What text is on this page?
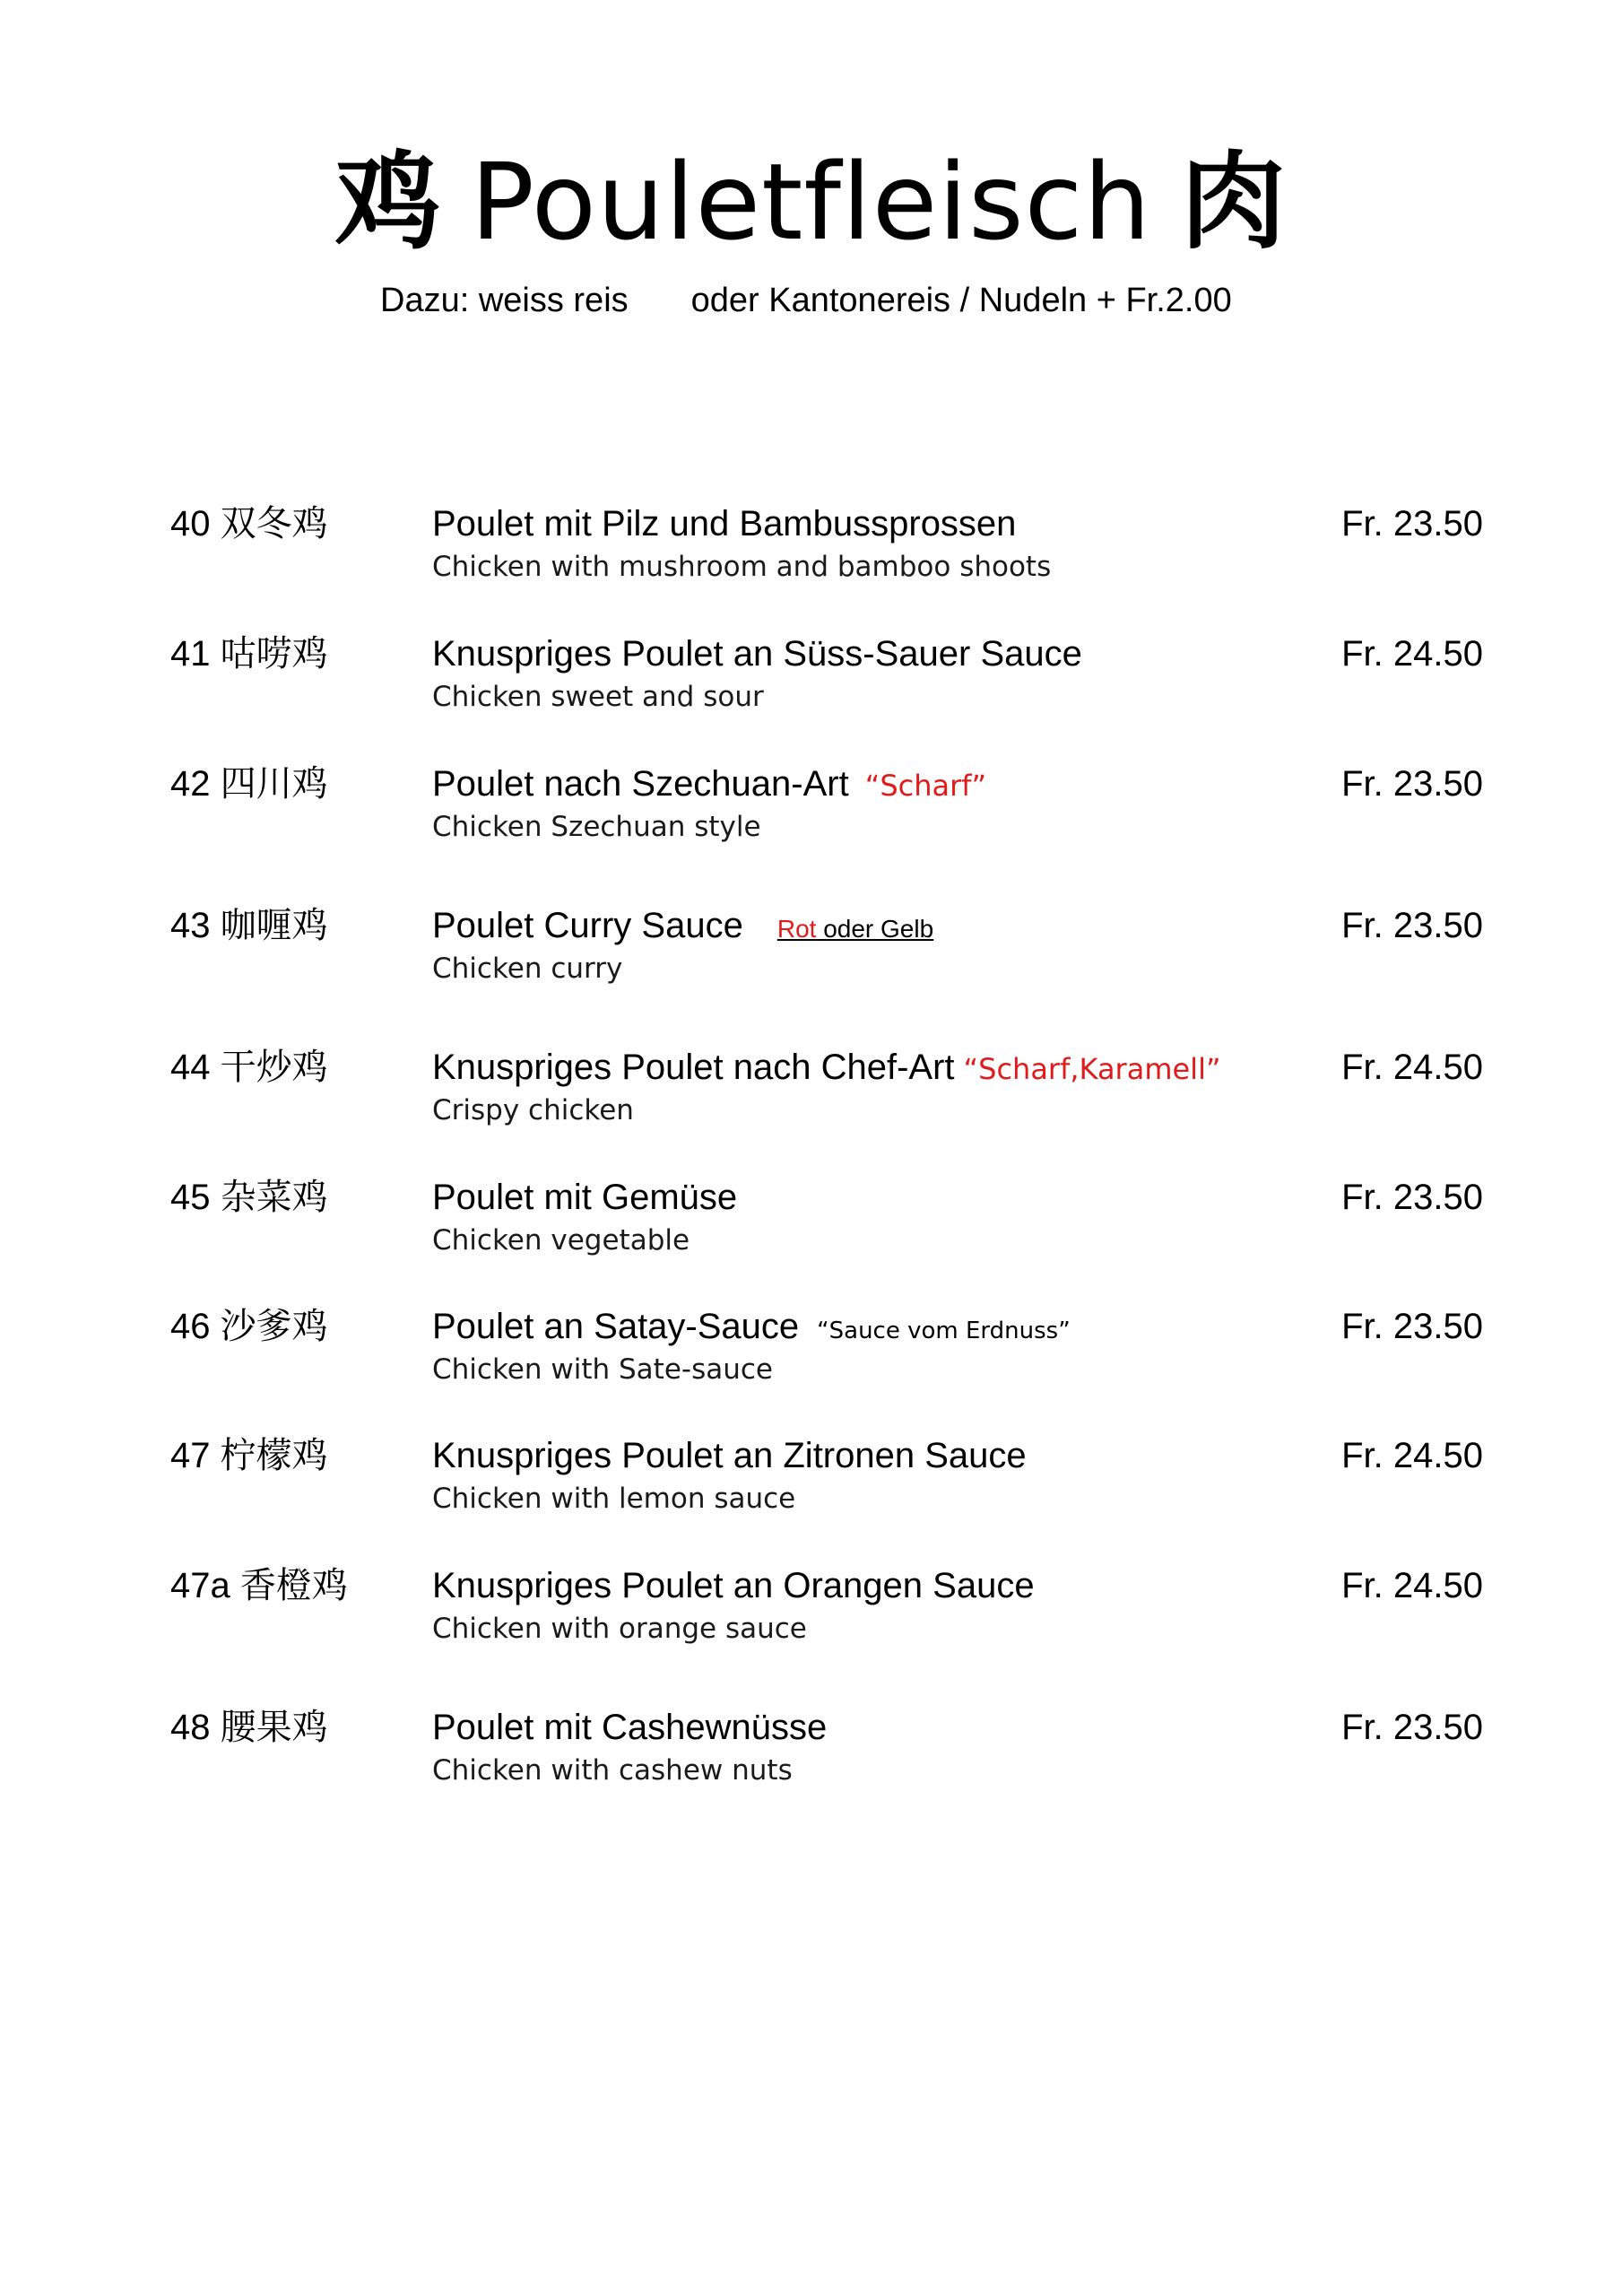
鸡 Pouletfleisch 肉
Dazu: weiss reis oder Kantonereis / Nudeln + Fr.2.00
40 双冬鸡	Poulet mit Pilz und Bambussprossen
Chicken with mushroom and bamboo shoots
Fr. 23.50
41 咕唠鸡	Knuspriges Poulet an Süss-Sauer Sauce
Chicken sweet and sour
Fr. 24.50
42 四川鸡	Poulet nach Szechuan-Art “Scharf”
Chicken Szechuan style
Fr. 23.50
43 咖喱鸡	Poulet Curry Sauce Rot oder Gelb
Chicken curry
Fr. 23.50
44 干炒鸡	Knuspriges Poulet nach Chef-Art “Scharf,Karamell”
Crispy chicken
Fr. 24.50
45 杂菜鸡	Poulet mit Gemüse
Chicken vegetable
Fr. 23.50
46 沙爹鸡	Poulet an Satay-Sauce “Sauce vom Erdnuss”
Chicken with Sate-sauce
Fr. 23.50
47 柠檬鸡	Knuspriges Poulet an Zitronen Sauce
Chicken with lemon sauce
Fr. 24.50
47a 香橙鸡 Knuspriges Poulet an Orangen Sauce
Chicken with orange sauce
Fr. 24.50
48 腰果鸡	Poulet mit Cashewnüsse
Chicken with cashew nuts
Fr. 23.50
